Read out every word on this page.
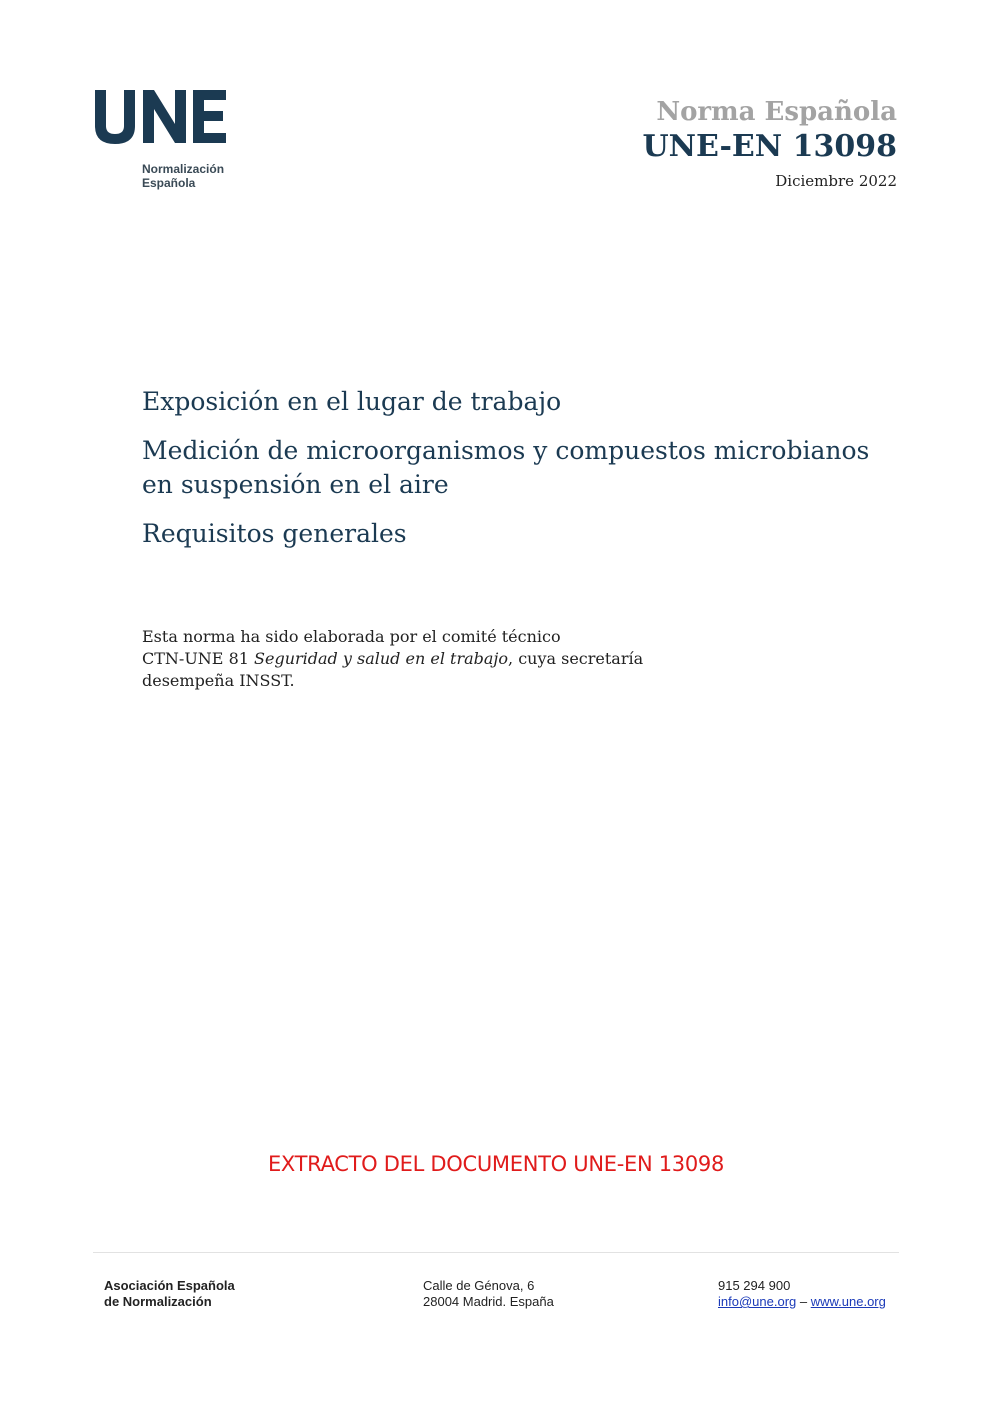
Normalización
Española
Norma Española
UNE-EN 13098
Diciembre 2022
Exposición en el lugar de trabajo
Medición de microorganismos y compuestos microbianos en suspensión en el aire
Requisitos generales
Esta norma ha sido elaborada por el comité técnico
CTN-UNE 81 Seguridad y salud en el trabajo, cuya secretaría
desempeña INSST.
EXTRACTO DEL DOCUMENTO UNE-EN 13098
Asociación Española
de Normalización
Calle de Génova, 6
28004 Madrid. España
915 294 900
info@une.org – www.une.org
